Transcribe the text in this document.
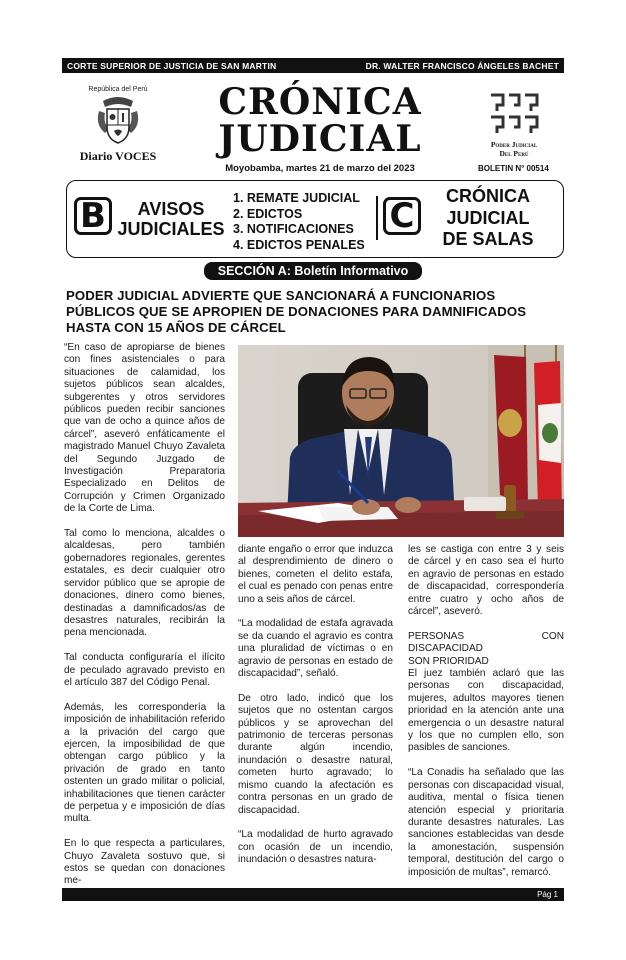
CORTE SUPERIOR DE JUSTICIA DE SAN MARTIN	DR. WALTER FRANCISCO ÁNGELES BACHET
República del Perú
Diario VOCES
CRÓNICA
JUDICIAL
Moyobamba, martes 21 de marzo del 2023
Poder Judicial
Del Perú
BOLETIN N° 00514
B	AVISOS
JUDICIALES
1. REMATE JUDICIAL
2. EDICTOS
3. NOTIFICACIONES
4. EDICTOS PENALES
C	CRÓNICA
JUDICIAL
DE SALAS
SECCIÓN A: Boletín Informativo
PODER JUDICIAL ADVIERTE QUE SANCIONARÁ A FUNCIONARIOS PÚBLICOS QUE SE APROPIEN DE DONACIONES PARA DAMNIFICADOS HASTA CON 15 AÑOS DE CÁRCEL

“En caso de apropiarse de bienes con fines asistenciales o para situaciones de calamidad, los sujetos públicos sean alcaldes, subgerentes y otros servidores públicos pueden recibir sanciones que van de ocho a quince años de cárcel”, aseveró enfáticamente el magistrado Manuel Chuyo Zavaleta del Segundo Juzgado de Investigación Preparatoria Especializado en Delitos de Corrupción y Crimen Organizado de la Corte de Lima.

Tal como lo menciona, alcaldes o alcaldesas, pero también gobernadores regionales, gerentes estatales, es decir cualquier otro servidor público que se apropie de donaciones, dinero como bienes, destinadas a damnificados/as de desastres naturales, recibirán la pena mencionada.

Tal conducta configuraría el ilícito de peculado agravado previsto en el artículo 387 del Código Penal.

Además, les correspondería la imposición de inhabilitación referido a la privación del cargo que ejercen, la imposibilidad de que obtengan cargo público y la privación de grado en tanto ostenten un grado militar o policial, inhabilitaciones que tienen carácter de perpetua y e imposición de días multa.

En lo que respecta a particulares, Chuyo Zavaleta sostuvo que, si estos se quedan con donaciones me-

diante engaño o error que induzca al desprendimiento de dinero o bienes, cometen el delito estafa, el cual es penado con penas entre uno a seis años de cárcel.

“La modalidad de estafa agravada se da cuando el agravio es contra una pluralidad de víctimas o en agravio de personas en estado de discapacidad”, señaló.

De otro lado, indicó que los sujetos que no ostentan cargos públicos y se aprovechan del patrimonio de terceras personas durante algún incendio, inundación o desastre natural, cometen hurto agravado; lo mismo cuando la afectación es contra personas en un grado de discapacidad.

“La modalidad de hurto agravado con ocasión de un incendio, inundación o desastres natura-

les se castiga con entre 3 y seis de cárcel y en caso sea el hurto en agravio de personas en estado de discapacidad, correspondería entre cuatro y ocho años de cárcel”, aseveró.

PERSONAS CON DISCAPACIDAD
SON PRIORIDAD

El juez también aclaró que las personas con discapacidad, mujeres, adultos mayores tienen prioridad en la atención ante una emergencia o un desastre natural y los que no cumplen ello, son pasibles de sanciones.

“La Conadis ha señalado que las personas con discapacidad visual, auditiva, mental o física tienen atención especial y prioritaria durante desastres naturales. Las sanciones establecidas van desde la amonestación, suspensión temporal, destitución del cargo o imposición de multas”, remarcó.

Pág 1
